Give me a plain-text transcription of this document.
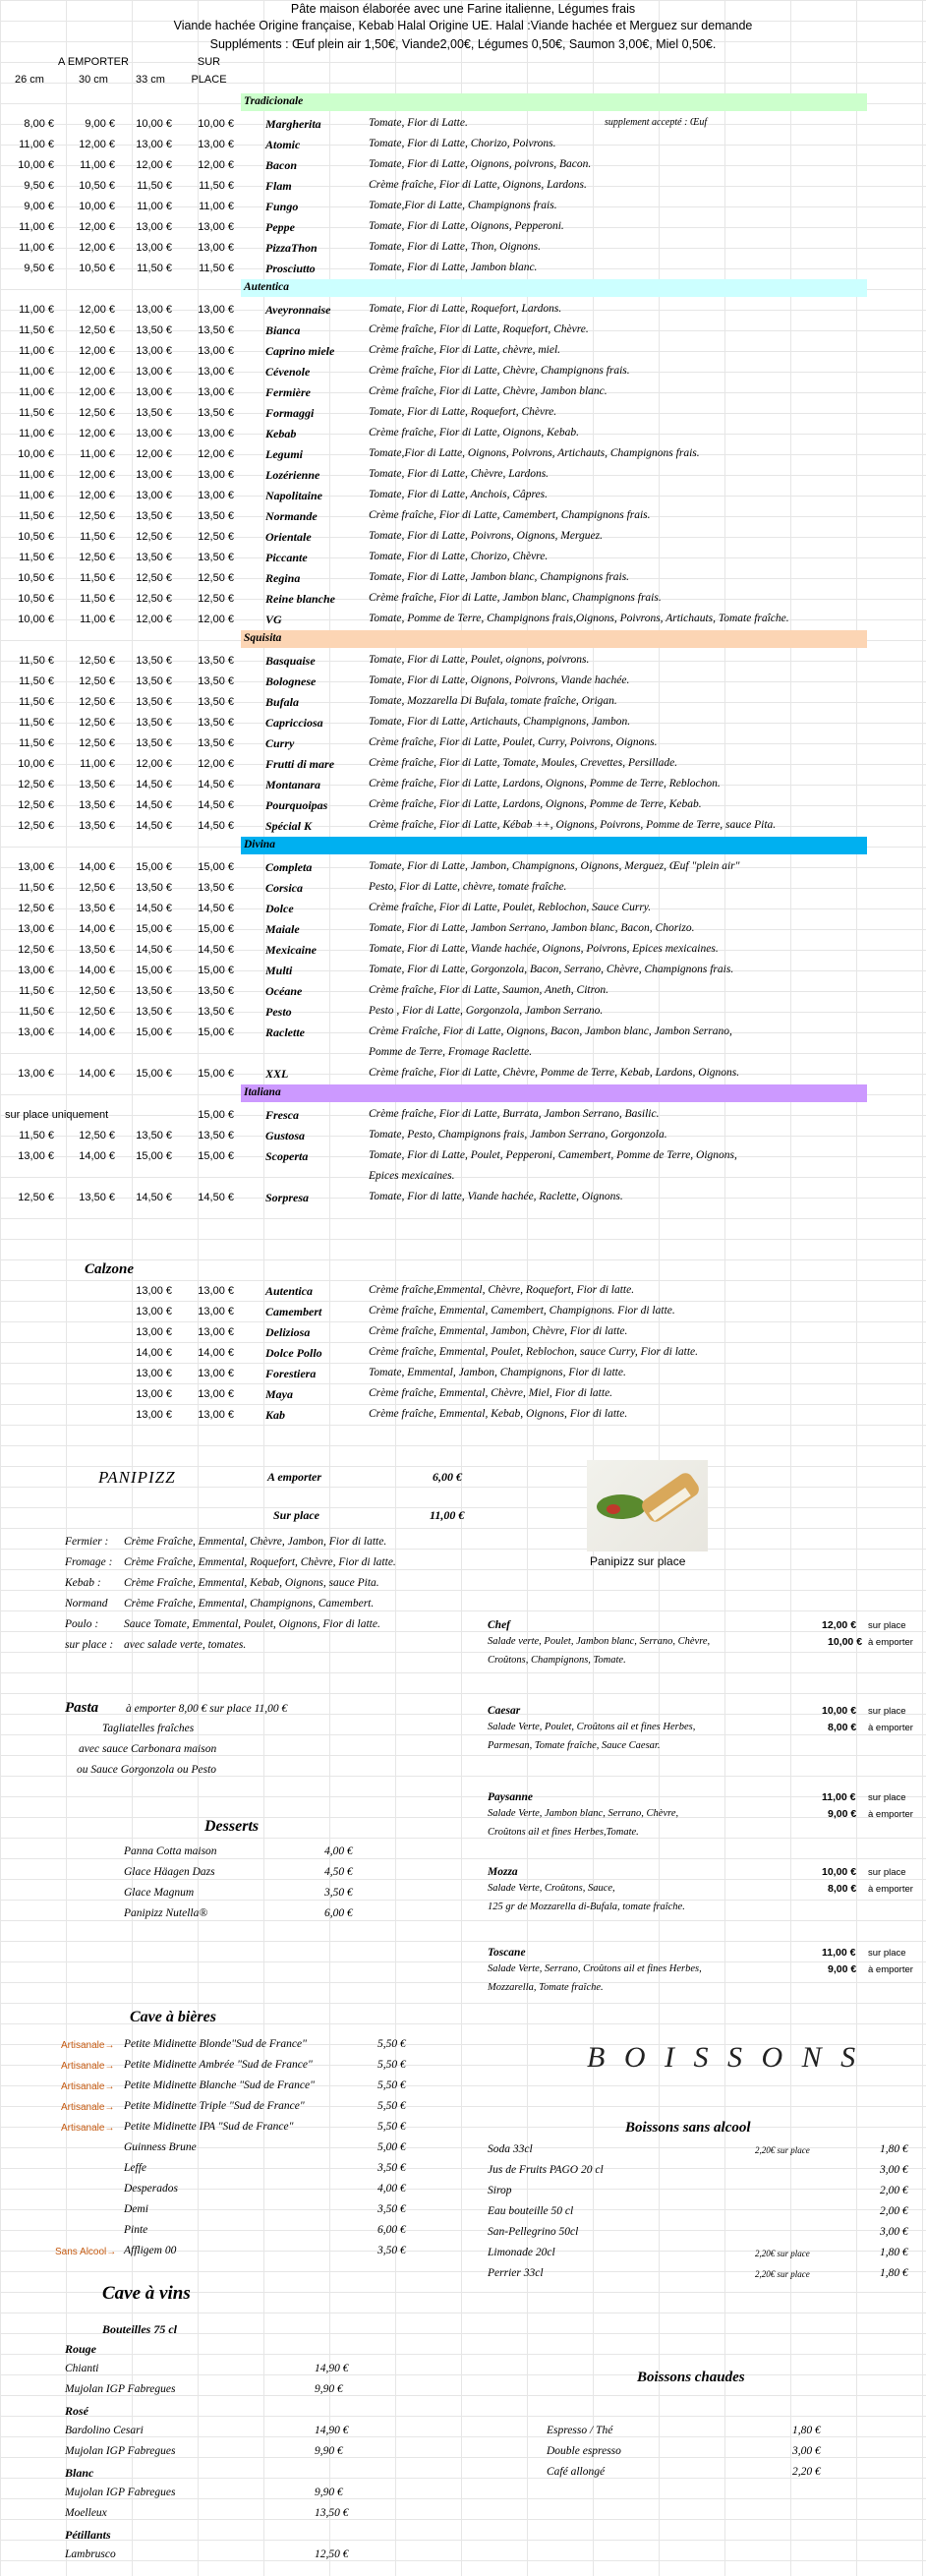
Pâte maison élaborée avec une Farine italienne, Légumes frais
Viande hachée Origine française, Kebab Halal Origine UE. Halal :Viande hachée et Merguez sur demande
Suppléments : Œuf plein air 1,50€, Viande2,00€, Légumes 0,50€, Saumon 3,00€, Miel 0,50€.
A EMPORTER	SUR
PLACE
26 cm	30 cm	33 cm
Tradicionale
8,00 €	9,00 €	10,00 €	10,00 €	Margherita	Tomate, Fior di Latte.	supplement accepté : Œuf
11,00 €	12,00 €	13,00 €	13,00 €	Atomic	Tomate, Fior di Latte, Chorizo, Poivrons.
10,00 €	11,00 €	12,00 €	12,00 €	Bacon	Tomate, Fior di Latte, Oignons, poivrons, Bacon.
9,50 €	10,50 €	11,50 €	11,50 €	Flam	Crème fraîche, Fior di Latte, Oignons, Lardons.
9,00 €	10,00 €	11,00 €	11,00 €	Fungo	Tomate,Fior di Latte, Champignons frais.
11,00 €	12,00 €	13,00 €	13,00 €	Peppe	Tomate, Fior di Latte, Oignons, Pepperoni.
11,00 €	12,00 €	13,00 €	13,00 €	PizzaThon	Tomate, Fior di Latte, Thon, Oignons.
9,50 €	10,50 €	11,50 €	11,50 €	Prosciutto	Tomate, Fior di Latte, Jambon blanc.
Autentica
11,00 €	12,00 €	13,00 €	13,00 €	Aveyronnaise	Tomate, Fior di Latte, Roquefort, Lardons.
11,50 €	12,50 €	13,50 €	13,50 €	Bianca	Crème fraîche, Fior di Latte, Roquefort, Chèvre.
11,00 €	12,00 €	13,00 €	13,00 €	Caprino miele	Crème fraîche, Fior di Latte, chèvre, miel.
11,00 €	12,00 €	13,00 €	13,00 €	Cévenole	Crème fraîche, Fior di Latte, Chèvre, Champignons frais.
11,00 €	12,00 €	13,00 €	13,00 €	Fermière	Crème fraîche, Fior di Latte, Chèvre, Jambon blanc.
11,50 €	12,50 €	13,50 €	13,50 €	Formaggi	Tomate, Fior di Latte, Roquefort, Chèvre.
11,00 €	12,00 €	13,00 €	13,00 €	Kebab	Crème fraîche, Fior di Latte, Oignons, Kebab.
10,00 €	11,00 €	12,00 €	12,00 €	Legumi	Tomate,Fior di Latte, Oignons, Poivrons, Artichauts, Champignons frais.
11,00 €	12,00 €	13,00 €	13,00 €	Lozérienne	Tomate, Fior di Latte, Chèvre, Lardons.
11,00 €	12,00 €	13,00 €	13,00 €	Napolitaine	Tomate, Fior di Latte, Anchois, Câpres.
11,50 €	12,50 €	13,50 €	13,50 €	Normande	Crème fraîche, Fior di Latte, Camembert, Champignons frais.
10,50 €	11,50 €	12,50 €	12,50 €	Orientale	Tomate, Fior di Latte, Poivrons, Oignons, Merguez.
11,50 €	12,50 €	13,50 €	13,50 €	Piccante	Tomate, Fior di Latte, Chorizo, Chèvre.
10,50 €	11,50 €	12,50 €	12,50 €	Regina	Tomate, Fior di Latte, Jambon blanc, Champignons frais.
10,50 €	11,50 €	12,50 €	12,50 €	Reine blanche	Crème fraîche, Fior di Latte, Jambon blanc, Champignons frais.
10,00 €	11,00 €	12,00 €	12,00 €	VG	Tomate, Pomme de Terre, Champignons frais,Oignons, Poivrons, Artichauts, Tomate fraîche.
Squisita
11,50 €	12,50 €	13,50 €	13,50 €	Basquaise	Tomate, Fior di Latte, Poulet, oignons, poivrons.
11,50 €	12,50 €	13,50 €	13,50 €	Bolognese	Tomate, Fior di Latte, Oignons, Poivrons, Viande hachée.
11,50 €	12,50 €	13,50 €	13,50 €	Bufala	Tomate, Mozzarella Di Bufala, tomate fraîche, Origan.
11,50 €	12,50 €	13,50 €	13,50 €	Capricciosa	Tomate, Fior di Latte, Artichauts, Champignons, Jambon.
11,50 €	12,50 €	13,50 €	13,50 €	Curry	Crème fraîche, Fior di Latte, Poulet, Curry, Poivrons, Oignons.
10,00 €	11,00 €	12,00 €	12,00 €	Frutti di mare	Crème fraîche, Fior di Latte, Tomate, Moules, Crevettes, Persillade.
12,50 €	13,50 €	14,50 €	14,50 €	Montanara	Crème fraîche, Fior di Latte, Lardons, Oignons, Pomme de Terre, Reblochon.
12,50 €	13,50 €	14,50 €	14,50 €	Pourquoipas	Crème fraîche, Fior di Latte, Lardons, Oignons, Pomme de Terre, Kebab.
12,50 €	13,50 €	14,50 €	14,50 €	Spécial K	Crème fraîche, Fior di Latte, Kébab ++, Oignons, Poivrons, Pomme de Terre, sauce Pita.
Divina
13,00 €	14,00 €	15,00 €	15,00 €	Completa	Tomate, Fior di Latte, Jambon, Champignons, Oignons, Merguez, Œuf "plein air"
11,50 €	12,50 €	13,50 €	13,50 €	Corsica	Pesto, Fior di Latte, chèvre, tomate fraîche.
12,50 €	13,50 €	14,50 €	14,50 €	Dolce	Crème fraîche, Fior di Latte, Poulet, Reblochon, Sauce Curry.
13,00 €	14,00 €	15,00 €	15,00 €	Maiale	Tomate, Fior di Latte, Jambon Serrano, Jambon blanc, Bacon, Chorizo.
12,50 €	13,50 €	14,50 €	14,50 €	Mexicaine	Tomate, Fior di Latte, Viande hachée, Oignons, Poivrons, Epices mexicaines.
13,00 €	14,00 €	15,00 €	15,00 €	Multi	Tomate, Fior di Latte, Gorgonzola, Bacon, Serrano, Chèvre, Champignons frais.
11,50 €	12,50 €	13,50 €	13,50 €	Océane	Crème fraîche, Fior di Latte, Saumon, Aneth, Citron.
11,50 €	12,50 €	13,50 €	13,50 €	Pesto	Pesto , Fior di Latte, Gorgonzola, Jambon Serrano.
13,00 €	14,00 €	15,00 €	15,00 €	Raclette	Crème Fraîche, Fior di Latte, Oignons, Bacon, Jambon blanc, Jambon Serrano,
Pomme de Terre, Fromage Raclette.
13,00 €	14,00 €	15,00 €	15,00 €	XXL	Crème fraîche, Fior di Latte, Chèvre, Pomme de Terre, Kebab, Lardons, Oignons.
Italiana
sur place uniquement	15,00 €	Fresca	Crème fraîche, Fior di Latte, Burrata, Jambon Serrano, Basilic.
11,50 €	12,50 €	13,50 €	13,50 €	Gustosa	Tomate, Pesto, Champignons frais, Jambon Serrano, Gorgonzola.
13,00 €	14,00 €	15,00 €	15,00 €	Scoperta	Tomate, Fior di Latte, Poulet, Pepperoni, Camembert, Pomme de Terre, Oignons,
Epices mexicaines.
12,50 €	13,50 €	14,50 €	14,50 €	Sorpresa	Tomate, Fior di latte, Viande hachée, Raclette, Oignons.
Calzone
13,00 €	13,00 €	Autentica	Crème fraîche,Emmental, Chèvre, Roquefort, Fior di latte.
13,00 €	13,00 €	Camembert	Crème fraîche, Emmental, Camembert, Champignons. Fior di latte.
13,00 €	13,00 €	Deliziosa	Crème fraîche, Emmental, Jambon, Chèvre, Fior di latte.
14,00 €	14,00 €	Dolce Pollo	Crème fraîche, Emmental, Poulet, Reblochon, sauce Curry, Fior di latte.
13,00 €	13,00 €	Forestiera	Tomate, Emmental, Jambon, Champignons, Fior di latte.
13,00 €	13,00 €	Maya	Crème fraîche, Emmental, Chèvre, Miel, Fior di latte.
13,00 €	13,00 €	Kab	Crème fraîche, Emmental, Kebab, Oignons, Fior di latte.
PANIPIZZ	A emporter	6,00 €
Sur place	11,00 €
Panipizz sur place
Fermier : Crème Fraîche, Emmental, Chèvre, Jambon, Fior di latte.
Fromage : Crème Fraîche, Emmental, Roquefort, Chèvre, Fior di latte.
Kebab : Crème Fraîche, Emmental, Kebab, Oignons, sauce Pita.
Normand Crème Fraîche, Emmental, Champignons, Camembert.
Poulo : Sauce Tomate, Emmental, Poulet, Oignons, Fior di latte.
sur place : avec salade verte, tomates.
Pasta à emporter 8,00 € sur place 11,00 €
Tagliatelles fraîches
avec sauce Carbonara maison
ou Sauce Gorgonzola ou Pesto
Chef	12,00 € sur place
Salade verte, Poulet, Jambon blanc, Serrano, Chèvre,	10,00 € à emporter
Croûtons, Champignons, Tomate.
Caesar	10,00 € sur place
Salade Verte, Poulet, Croûtons ail et fines Herbes,	8,00 € à emporter
Parmesan, Tomate fraîche, Sauce Caesar.
Paysanne	11,00 € sur place
Salade Verte, Jambon blanc, Serrano, Chèvre,	9,00 € à emporter
Croûtons ail et fines Herbes,Tomate.
Mozza	10,00 € sur place
Salade Verte, Croûtons, Sauce,	8,00 € à emporter
125 gr de Mozzarella di-Bufala, tomate fraîche.
Toscane	11,00 € sur place
Salade Verte, Serrano, Croûtons ail et fines Herbes,	9,00 € à emporter
Mozzarella, Tomate fraîche.
Desserts
Panna Cotta maison	4,00 €
Glace Häagen Dazs	4,50 €
Glace Magnum	3,50 €
Panipizz Nutella®	6,00 €
Cave à bières
Artisanale→ Petite Midinette Blonde"Sud de France"	5,50 €
Artisanale→ Petite Midinette Ambrée "Sud de France"	5,50 €
Artisanale→ Petite Midinette Blanche "Sud de France"	5,50 €
Artisanale→ Petite Midinette Triple "Sud de France"	5,50 €
Artisanale→ Petite Midinette IPA "Sud de France"	5,50 €
Guinness Brune	5,00 €
Leffe	3,50 €
Desperados	4,00 €
Demi	3,50 €
Pinte	6,00 €
Sans Alcool→ Affligem 00	3,50 €
Cave à vins
Bouteilles 75 cl
Rouge
Chianti	14,90 €
Mujolan IGP Fabregues	9,90 €
Rosé
Bardolino Cesari	14,90 €
Mujolan IGP Fabregues	9,90 €
Blanc
Mujolan IGP Fabregues	9,90 €
Moelleux	13,50 €
Pétillants
Lambrusco	12,50 €
B O I S S O N S
Boissons sans alcool
Soda 33cl	2,20€ sur place	1,80 €
Jus de Fruits PAGO 20 cl	3,00 €
Sirop	2,00 €
Eau bouteille 50 cl	2,00 €
San-Pellegrino 50cl	3,00 €
Limonade 20cl	2,20€ sur place	1,80 €
Perrier 33cl	2,20€ sur place	1,80 €
Boissons chaudes
Espresso / Thé	1,80 €
Double espresso	3,00 €
Café allongé	2,20 €
